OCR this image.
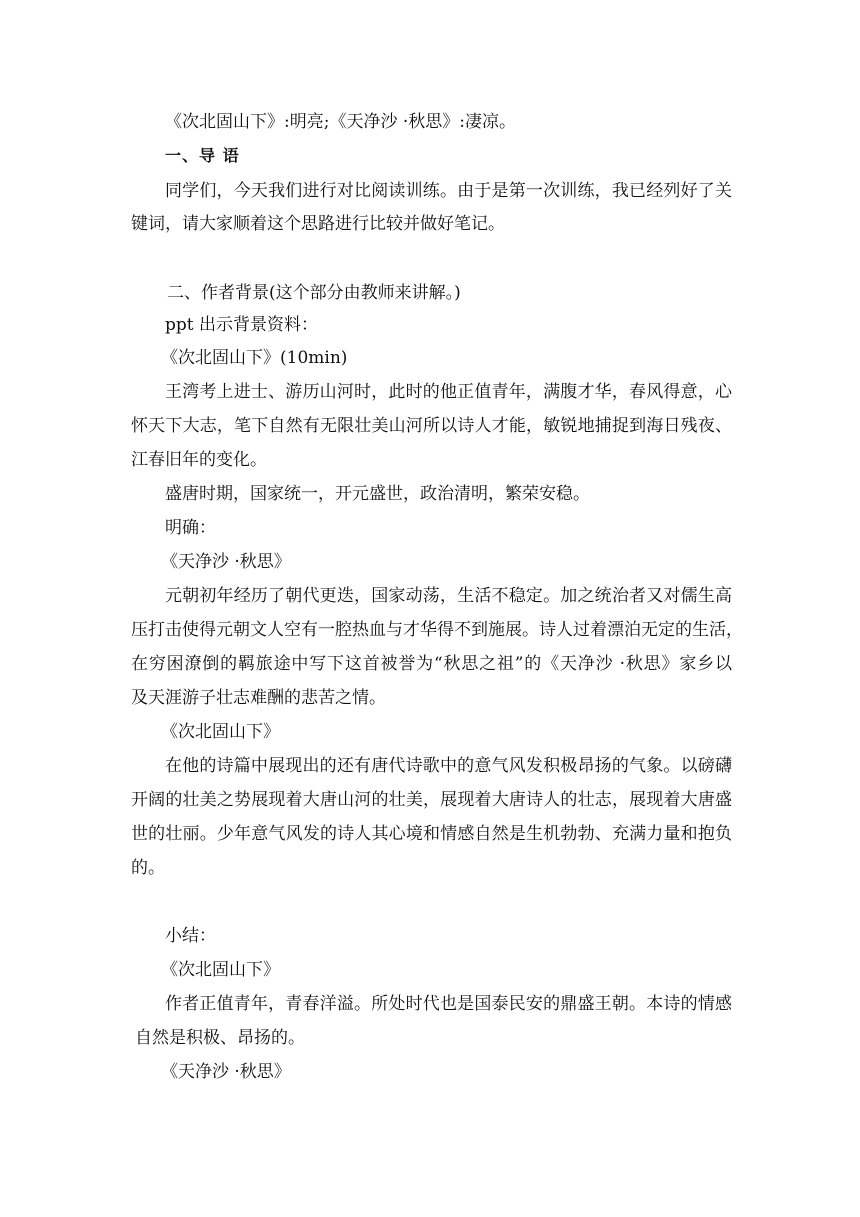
《次北固山下》:明亮;《天净沙 ·秋思》:凄凉。

一、导 语

同学们，今天我们进行对比阅读训练。由于是第一次训练，我已经列好了关

键词，请大家顺着这个思路进行比较并做好笔记。

二、作者背景(这个部分由教师来讲解。)

ppt 出示背景资料：

《次北固山下》(10min)

王湾考上进士、游历山河时，此时的他正值青年，满腹才华，春风得意，心

怀天下大志，笔下自然有无限壮美山河所以诗人才能，敏锐地捕捉到海日残夜、

江春旧年的变化。

盛唐时期，国家统一，开元盛世，政治清明，繁荣安稳。

明确：

《天净沙 ·秋思》

元朝初年经历了朝代更迭，国家动荡，生活不稳定。加之统治者又对儒生高

压打击使得元朝文人空有一腔热血与才华得不到施展。诗人过着漂泊无定的生活，

在穷困潦倒的羁旅途中写下这首被誉为“秋思之祖”的《天净沙 ·秋思》家乡以

及天涯游子壮志难酬的悲苦之情。

《次北固山下》

在他的诗篇中展现出的还有唐代诗歌中的意气风发积极昂扬的气象。以磅礴

开阔的壮美之势展现着大唐山河的壮美，展现着大唐诗人的壮志，展现着大唐盛

世的壮丽。少年意气风发的诗人其心境和情感自然是生机勃勃、充满力量和抱负

的。

小结：

《次北固山下》

作者正值青年，青春洋溢。所处时代也是国泰民安的鼎盛王朝。本诗的情感

自然是积极、昂扬的。

《天净沙 ·秋思》
